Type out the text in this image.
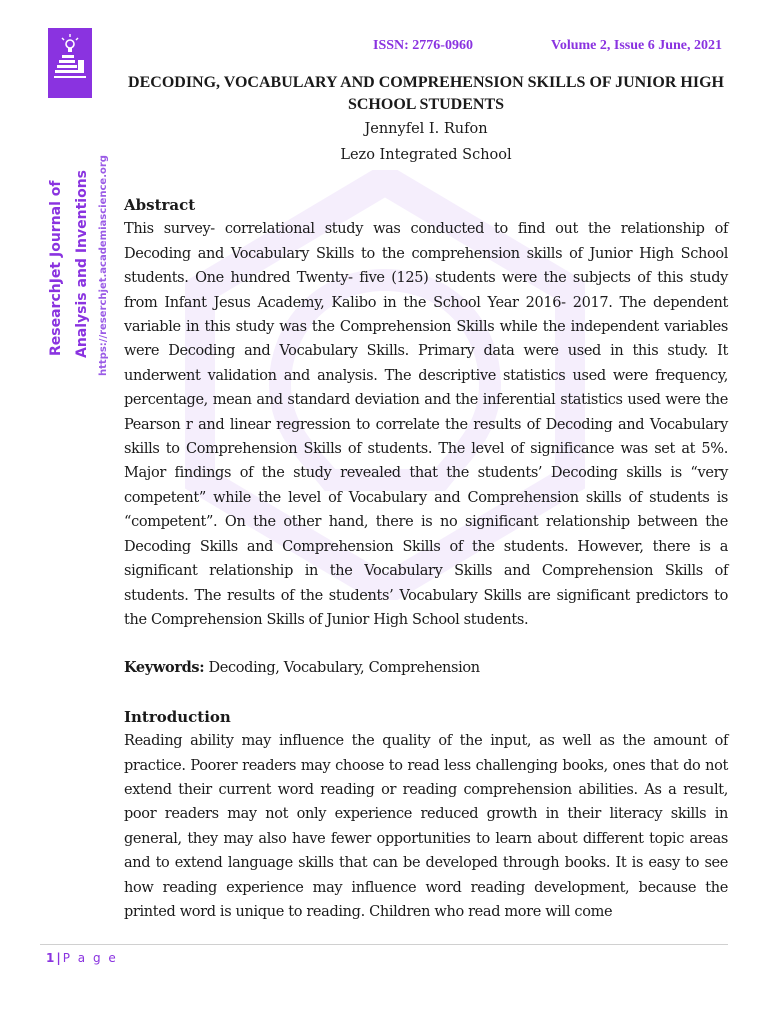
ResearchJet Journal of Analysis and Inventions https://reserchjet.academiascience.org
ISSN: 2776-0960	Volume 2, Issue 6 June, 2021
DECODING, VOCABULARY AND COMPREHENSION SKILLS OF JUNIOR HIGH SCHOOL STUDENTS
Jennyfel I. Rufon
Lezo Integrated School
Abstract

This survey- correlational study was conducted to find out the relationship of Decoding and Vocabulary Skills to the comprehension skills of Junior High School students. One hundred Twenty- five (125) students were the subjects of this study from Infant Jesus Academy, Kalibo in the School Year 2016- 2017. The dependent variable in this study was the Comprehension Skills while the independent variables were Decoding and Vocabulary Skills. Primary data were used in this study. It underwent validation and analysis. The descriptive statistics used were frequency, percentage, mean and standard deviation and the inferential statistics used were the Pearson r and linear regression to correlate the results of Decoding and Vocabulary skills to Comprehension Skills of students. The level of significance was set at 5%. Major findings of the study revealed that the students’ Decoding skills is “very competent” while the level of Vocabulary and Comprehension skills of students is “competent”. On the other hand, there is no significant relationship between the Decoding Skills and Comprehension Skills of the students. However, there is a significant relationship in the Vocabulary Skills and Comprehension Skills of students. The results of the students’ Vocabulary Skills are significant predictors to the Comprehension Skills of Junior High School students.

Keywords: Decoding, Vocabulary, Comprehension

Introduction

Reading ability may influence the quality of the input, as well as the amount of practice. Poorer readers may choose to read less challenging books, ones that do not extend their current word reading or reading comprehension abilities. As a result, poor readers may not only experience reduced growth in their literacy skills in general, they may also have fewer opportunities to learn about different topic areas and to extend language skills that can be developed through books. It is easy to see how reading experience may influence word reading development, because the printed word is unique to reading. Children who read more will come

1 | P a g e
